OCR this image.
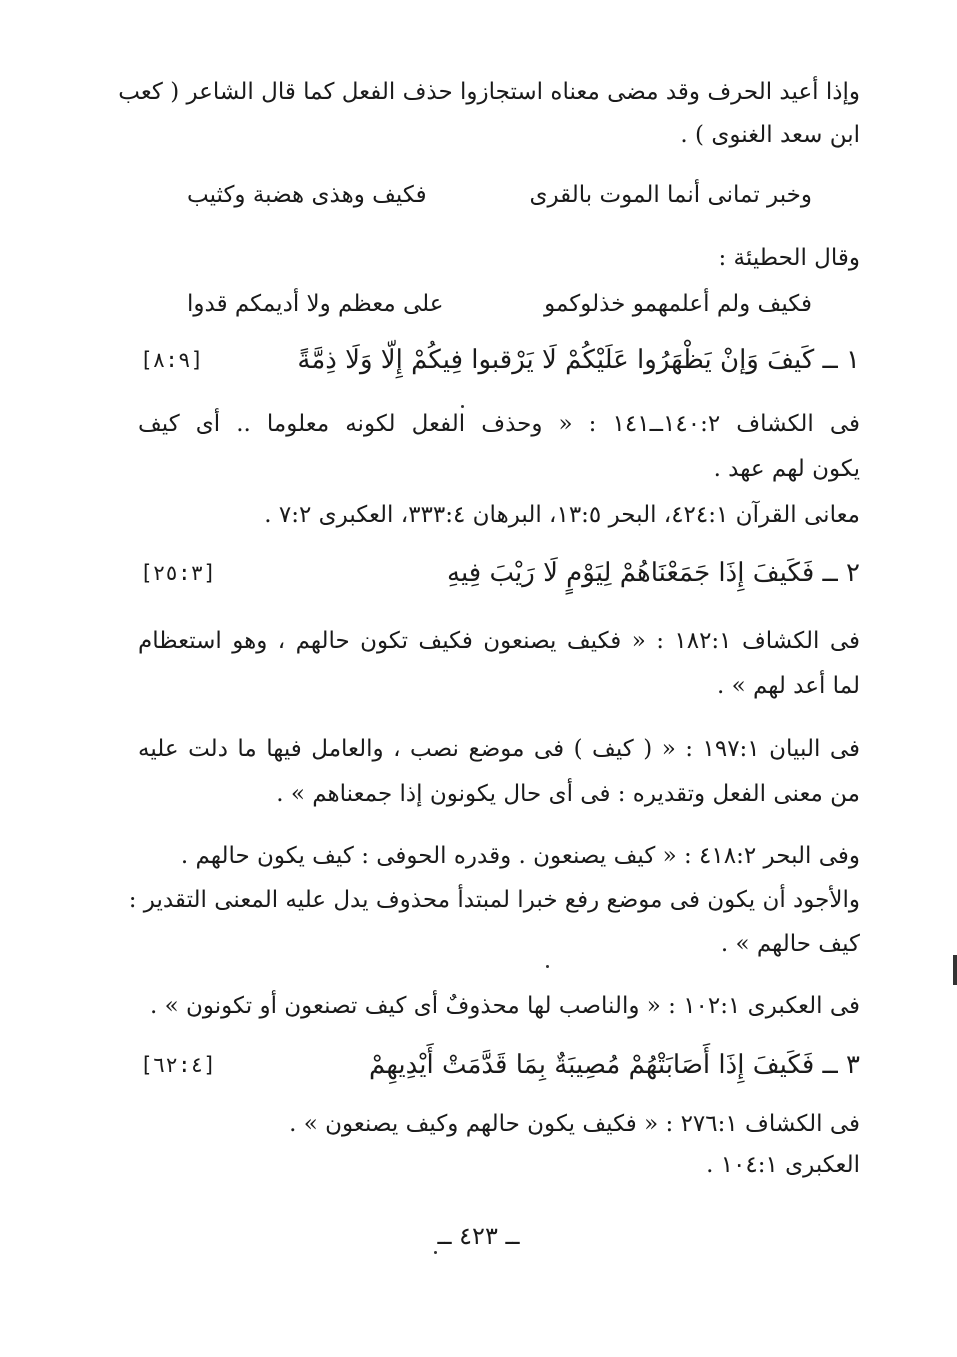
وإذا أعيد الحرف وقد مضى معناه استجازوا حذف الفعل كما قال الشاعر ( كعب
ابن سعد الغنوى ) .
وخبر تمانى أنما الموت بالقرى
فكيف وهذى هضبة وكثيب
وقال الحطيئة :
فكيف ولم أعلمهمو خذلوكمو
على معظم ولا أديمكم قدوا
١ ــ كَيفَ وَإنْ يَظْهَرُوا عَلَيْكُمْ لَا يَرْقبوا فِيكُمْ إِلّا وَلَا ذِمَّةً
[٨:٩]
فى الكشاف ١٤٠:٢ــ١٤١ : « وحذف الفعل لكونه معلوما .. أى كيف
يكون لهم عهد .
معانى القرآن ٤٢٤:١، البحر ١٣:٥، البرهان ٣٣٣:٤، العكبرى ٧:٢ .
٢ ــ فَكَيفَ إِذَا جَمَعْنَاهُمْ لِيَوْمٍ لَا رَيْبَ فِيهِ
[٢٥:٣]
فى الكشاف ١٨٢:١ : « فكيف يصنعون فكيف تكون حالهم ، وهو استعظام
لما أعد لهم » .
فى البيان ١٩٧:١ : « ( كيف ) فى موضع نصب ، والعامل فيها ما دلت عليه
من معنى الفعل وتقديره : فى أى حال يكونون إذا جمعناهم » .
وفى البحر ٤١٨:٢ : « كيف يصنعون . وقدره الحوفى : كيف يكون حالهم .
والأجود أن يكون فى موضع رفع خبرا لمبتدأ محذوف يدل عليه المعنى التقدير :
كيف حالهم » .
فى العكبرى ١٠٢:١ : « والناصب لها محذوفٌ أى كيف تصنعون أو تكونون » .
٣ ــ فَكَيفَ إِذَا أَصَابَتْهُمْ مُصِيبَةٌ بِمَا قَدَّمَتْ أَيْدِيهِمْ
[٦٢:٤]
فى الكشاف ٢٧٦:١ : « فكيف يكون حالهم وكيف يصنعون » .
العكبرى ١٠٤:١ .
ــ ٤٢٣ ــ
